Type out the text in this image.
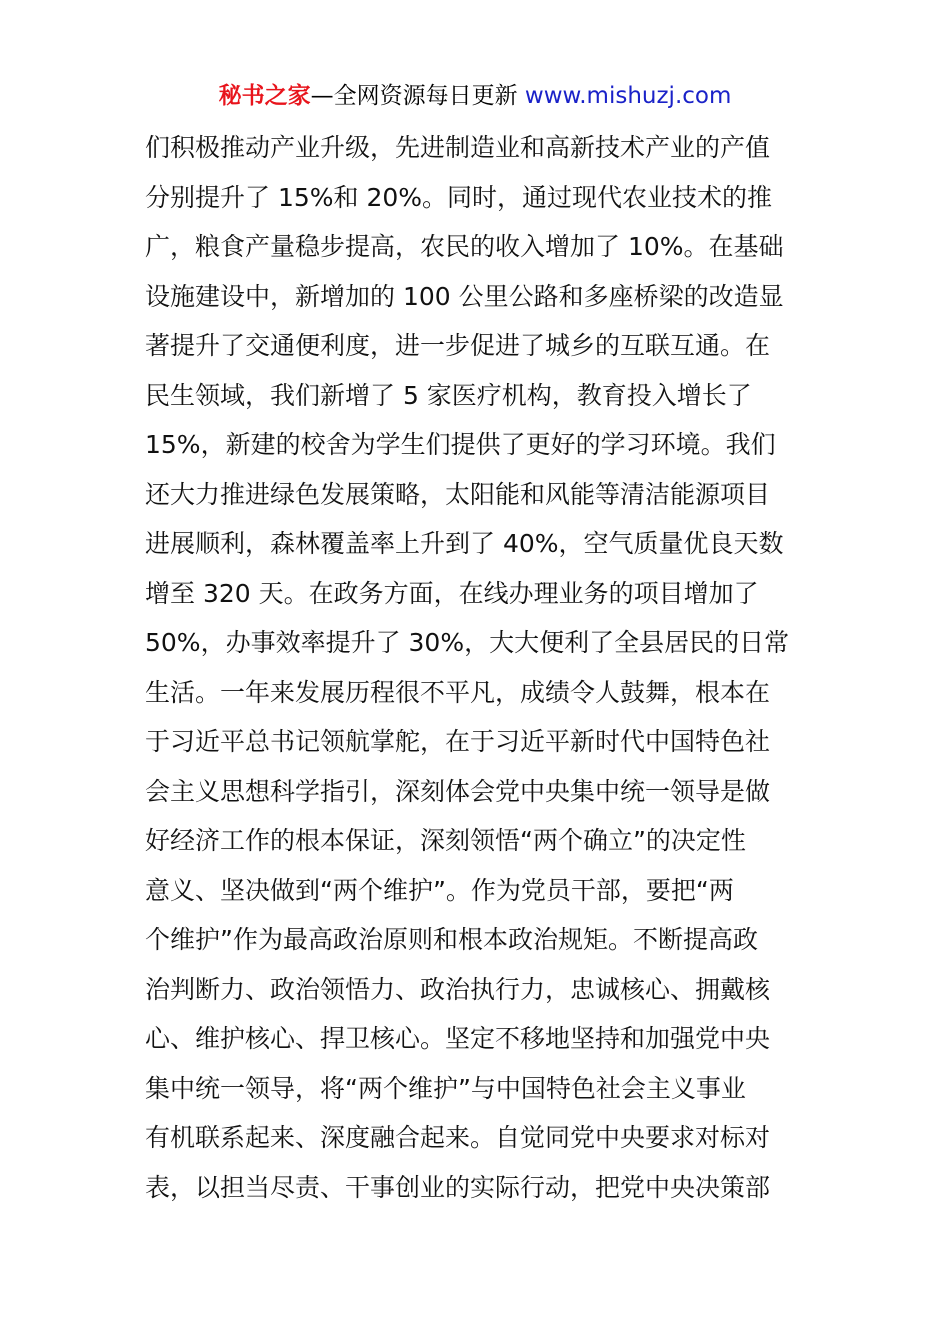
秘书之家—全网资源每日更新 www.mishuzj.com
们积极推动产业升级，先进制造业和高新技术产业的产值
分别提升了 15%和 20%。同时，通过现代农业技术的推
广，粮食产量稳步提高，农民的收入增加了 10%。在基础
设施建设中，新增加的 100 公里公路和多座桥梁的改造显
著提升了交通便利度，进一步促进了城乡的互联互通。在
民生领域，我们新增了 5 家医疗机构，教育投入增长了
15%，新建的校舍为学生们提供了更好的学习环境。我们
还大力推进绿色发展策略，太阳能和风能等清洁能源项目
进展顺利，森林覆盖率上升到了 40%，空气质量优良天数
增至 320 天。在政务方面，在线办理业务的项目增加了
50%，办事效率提升了 30%，大大便利了全县居民的日常
生活。一年来发展历程很不平凡，成绩令人鼓舞，根本在
于习近平总书记领航掌舵，在于习近平新时代中国特色社
会主义思想科学指引，深刻体会党中央集中统一领导是做
好经济工作的根本保证，深刻领悟“两个确立”的决定性
意义、坚决做到“两个维护”。作为党员干部，要把“两
个维护”作为最高政治原则和根本政治规矩。不断提高政
治判断力、政治领悟力、政治执行力，忠诚核心、拥戴核
心、维护核心、捍卫核心。坚定不移地坚持和加强党中央
集中统一领导，将“两个维护”与中国特色社会主义事业
有机联系起来、深度融合起来。自觉同党中央要求对标对
表，以担当尽责、干事创业的实际行动，把党中央决策部
